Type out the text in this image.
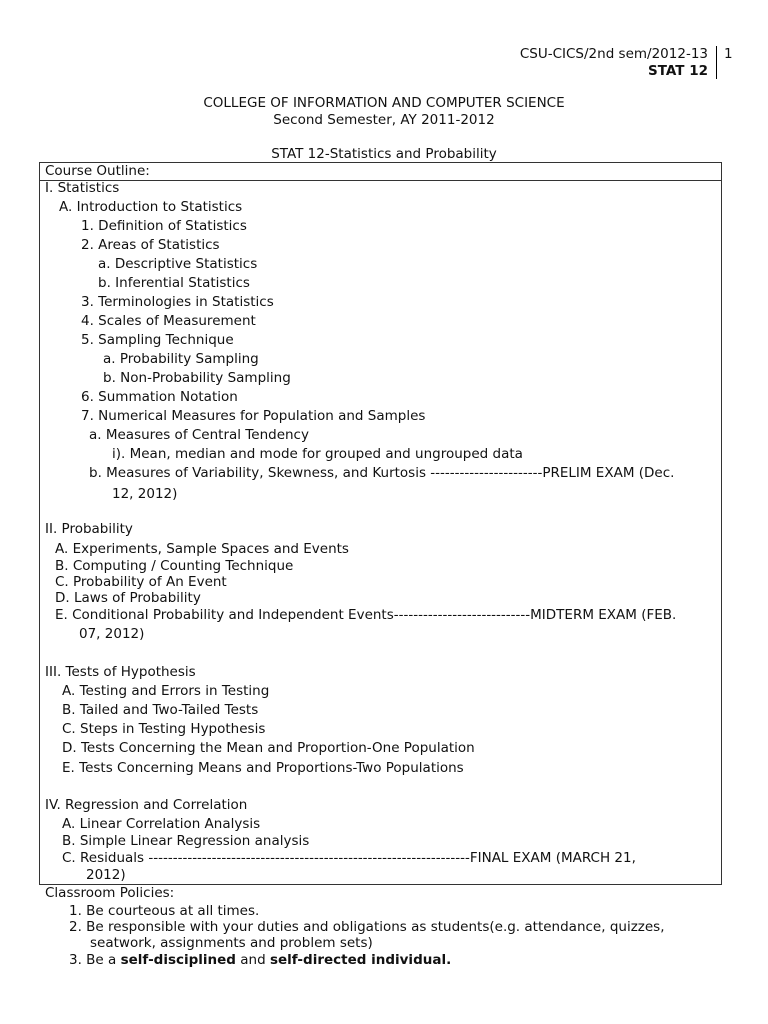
CSU-CICS/2nd sem/2012-13 1
STAT 12
COLLEGE OF INFORMATION AND COMPUTER SCIENCE
Second Semester, AY 2011-2012
STAT 12-Statistics and Probability
Course Outline:
I. Statistics
A. Introduction to Statistics
1. Definition of Statistics
2. Areas of Statistics
a. Descriptive Statistics
b. Inferential Statistics
3. Terminologies in Statistics
4. Scales of Measurement
5. Sampling Technique
a. Probability Sampling
b. Non-Probability Sampling
6. Summation Notation
7. Numerical Measures for Population and Samples
a. Measures of Central Tendency
i). Mean, median and mode for grouped and ungrouped data
b. Measures of Variability, Skewness, and Kurtosis -----------------------PRELIM EXAM (Dec.
12, 2012)
II. Probability
A. Experiments, Sample Spaces and Events
B. Computing / Counting Technique
C. Probability of An Event
D. Laws of Probability
E. Conditional Probability and Independent Events----------------------------MIDTERM EXAM (FEB.
07, 2012)
III. Tests of Hypothesis
A. Testing and Errors in Testing
B. Tailed and Two-Tailed Tests
C. Steps in Testing Hypothesis
D. Tests Concerning the Mean and Proportion-One Population
E. Tests Concerning Means and Proportions-Two Populations
IV. Regression and Correlation
A. Linear Correlation Analysis
B. Simple Linear Regression analysis
C. Residuals ------------------------------------------------------------------FINAL EXAM (MARCH 21,
2012)
Classroom Policies:
1. Be courteous at all times.
2. Be responsible with your duties and obligations as students(e.g. attendance, quizzes,
seatwork, assignments and problem sets)
3. Be a self-disciplined and self-directed individual.
